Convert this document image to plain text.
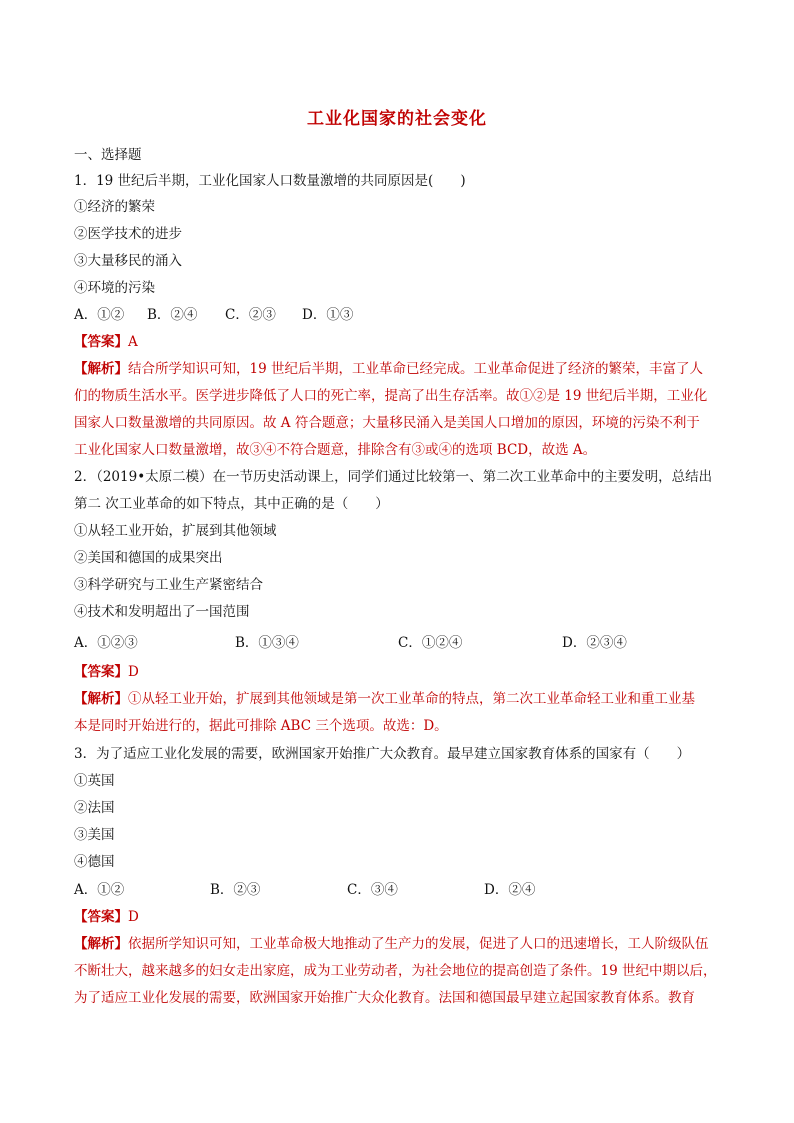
工业化国家的社会变化
一、选择题
1．19 世纪后半期，工业化国家人口数量激增的共同原因是(　　)
①经济的繁荣
②医学技术的进步
③大量移民的涌入
④环境的污染
A．①② B．②④ C．②③ D．①③
【答案】A
【解析】结合所学知识可知，19 世纪后半期，工业革命已经完成。工业革命促进了经济的繁荣，丰富了人
们的物质生活水平。医学进步降低了人口的死亡率，提高了出生存活率。故①②是 19 世纪后半期，工业化
国家人口数量激增的共同原因。故 A 符合题意；大量移民涌入是美国人口增加的原因，环境的污染不利于
工业化国家人口数量激增，故③④不符合题意，排除含有③或④的选项 BCD，故选 A。
2．（2019•太原二模）在一节历史活动课上，同学们通过比较第一、第二次工业革命中的主要发明，总结出
第二 次工业革命的如下特点，其中正确的是（　　）
①从轻工业开始，扩展到其他领域
②美国和德国的成果突出
③科学研究与工业生产紧密结合
④技术和发明超出了一国范围
A．①②③	B．①③④	C．①②④	D．②③④
【答案】D
【解析】①从轻工业开始，扩展到其他领域是第一次工业革命的特点，第二次工业革命轻工业和重工业基
本是同时开始进行的，据此可排除 ABC 三个选项。故选：D。
3．为了适应工业化发展的需要，欧洲国家开始推广大众教育。最早建立国家教育体系的国家有（　　）
①英国
②法国
③美国
④德国
A．①②	B．②③	C．③④	D．②④
【答案】D
【解析】依据所学知识可知，工业革命极大地推动了生产力的发展，促进了人口的迅速增长，工人阶级队伍
不断壮大，越来越多的妇女走出家庭，成为工业劳动者，为社会地位的提高创造了条件。19 世纪中期以后，
为了适应工业化发展的需要，欧洲国家开始推广大众化教育。法国和德国最早建立起国家教育体系。教育
